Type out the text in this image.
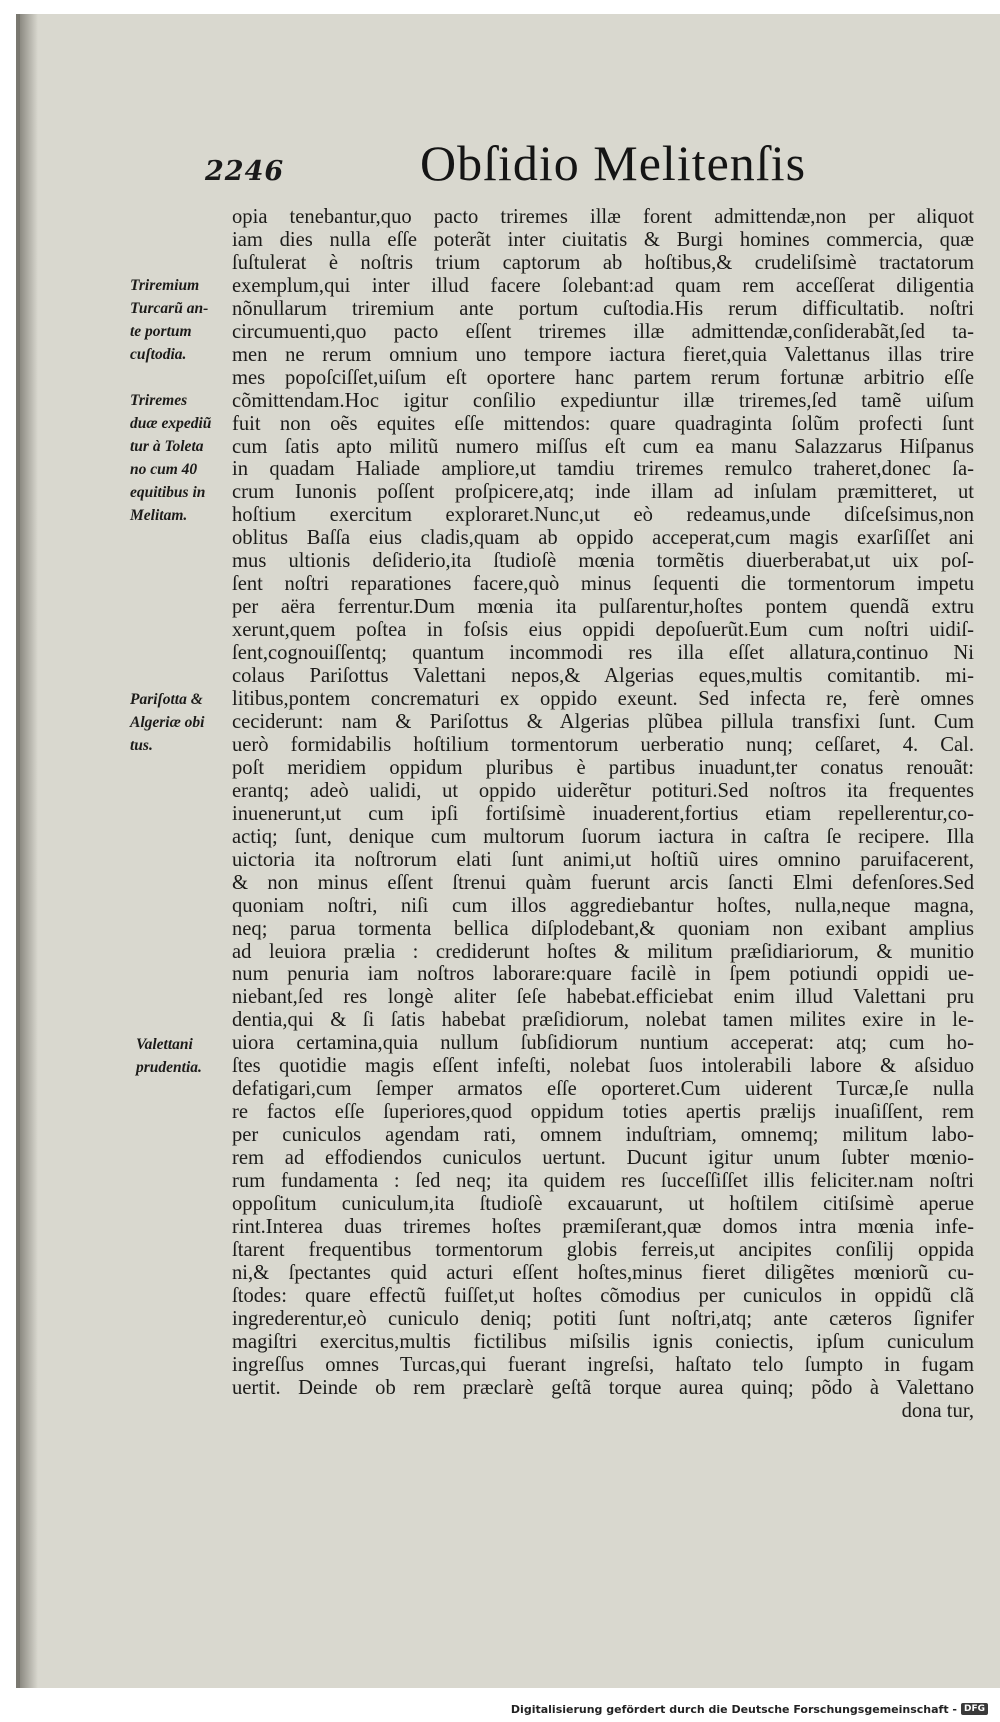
2246	Obſidio Melitenſis
Triremium
Turcarũ an-
te portum
cuſtodia.
Triremes
duæ expediũ
tur à Toleta
no cum 40
equitibus in
Melitam.
Pariſotta &
Algeriæ obi
tus.
Valettani
prudentia.
opia tenebantur,quo pacto triremes illæ forent admittendæ,non per aliquot
iam dies nulla eſſe poterãt inter ciuitatis & Burgi homines commercia, quæ
ſuſtulerat è noſtris trium captorum ab hoſtibus,& crudeliſsimè tractatorum
exemplum,qui inter illud facere ſolebant:ad quam rem acceſſerat diligentia
nõnullarum triremium ante portum cuſtodia.His rerum difficultatib. noſtri
circumuenti,quo pacto eſſent triremes illæ admittendæ,conſiderabãt,ſed ta-
men ne rerum omnium uno tempore iactura fieret,quia Valettanus illas trire
mes popoſciſſet,uiſum eſt oportere hanc partem rerum fortunæ arbitrio eſſe
cõmittendam.Hoc igitur conſilio expediuntur illæ triremes,ſed tamẽ uiſum
fuit non oẽs equites eſſe mittendos: quare quadraginta ſolũm profecti ſunt
cum ſatis apto militũ numero miſſus eſt cum ea manu Salazzarus Hiſpanus
in quadam Haliade ampliore,ut tamdiu triremes remulco traheret,donec ſa-
crum Iunonis poſſent proſpicere,atq; inde illam ad inſulam præmitteret, ut
hoſtium exercitum exploraret.Nunc,ut eò redeamus,unde diſceſsimus,non
oblitus Baſſa eius cladis,quam ab oppido acceperat,cum magis exarſiſſet ani
mus ultionis deſiderio,ita ſtudioſè mœnia tormẽtis diuerberabat,ut uix poſ-
ſent noſtri reparationes facere,quò minus ſequenti die tormentorum impetu
per aëra ferrentur.Dum mœnia ita pulſarentur,hoſtes pontem quendã extru
xerunt,quem poſtea in foſsis eius oppidi depoſuerũt.Eum cum noſtri uidiſ-
ſent,cognouiſſentq; quantum incommodi res illa eſſet allatura,continuo Ni
colaus Pariſottus Valettani nepos,& Algerias eques,multis comitantib. mi-
litibus,pontem concrematuri ex oppido exeunt. Sed infecta re, ferè omnes
ceciderunt: nam & Pariſottus & Algerias plũbea pillula transfixi ſunt. Cum
uerò formidabilis hoſtilium tormentorum uerberatio nunq; ceſſaret, 4. Cal.
poſt meridiem oppidum pluribus è partibus inuadunt,ter conatus renouãt:
erantq; adeò ualidi, ut oppido uiderẽtur potituri.Sed noſtros ita frequentes
inuenerunt,ut cum ipſi fortiſsimè inuaderent,fortius etiam repellerentur,co-
actiq; ſunt, denique cum multorum ſuorum iactura in caſtra ſe recipere. Illa
uictoria ita noſtrorum elati ſunt animi,ut hoſtiũ uires omnino paruifacerent,
& non minus eſſent ſtrenui quàm fuerunt arcis ſancti Elmi defenſores.Sed
quoniam noſtri, niſi cum illos aggrediebantur hoſtes, nulla,neque magna,
neq; parua tormenta bellica diſplodebant,& quoniam non exibant amplius
ad leuiora prælia : crediderunt hoſtes & militum præſidiariorum, & munitio
num penuria iam noſtros laborare:quare facilè in ſpem potiundi oppidi ue-
niebant,ſed res longè aliter ſeſe habebat.efficiebat enim illud Valettani pru
dentia,qui & ſi ſatis habebat præſidiorum, nolebat tamen milites exire in le-
uiora certamina,quia nullum ſubſidiorum nuntium acceperat: atq; cum ho-
ſtes quotidie magis eſſent infeſti, nolebat ſuos intolerabili labore & aſsiduo
defatigari,cum ſemper armatos eſſe oporteret.Cum uiderent Turcæ,ſe nulla
re factos eſſe ſuperiores,quod oppidum toties apertis prælijs inuaſiſſent, rem
per cuniculos agendam rati, omnem induſtriam, omnemq; militum labo-
rem ad effodiendos cuniculos uertunt. Ducunt igitur unum ſubter mœnio-
rum fundamenta : ſed neq; ita quidem res ſucceſſiſſet illis feliciter.nam noſtri
oppoſitum cuniculum,ita ſtudioſè excauarunt, ut hoſtilem citiſsimè aperue
rint.Interea duas triremes hoſtes præmiſerant,quæ domos intra mœnia infe-
ſtarent frequentibus tormentorum globis ferreis,ut ancipites conſilij oppida
ni,& ſpectantes quid acturi eſſent hoſtes,minus fieret diligẽtes mœniorũ cu-
ſtodes: quare effectũ fuiſſet,ut hoſtes cõmodius per cuniculos in oppidũ clã
ingrederentur,eò cuniculo deniq; potiti ſunt noſtri,atq; ante cæteros ſignifer
magiſtri exercitus,multis fictilibus miſsilis ignis coniectis, ipſum cuniculum
ingreſſus omnes Turcas,qui fuerant ingreſsi, haſtato telo ſumpto in fugam
uertit. Deinde ob rem præclarè geſtã torque aurea quinq; põdo à Valettano
dona tur,
Digitalisierung gefördert durch die Deutsche Forschungsgemeinschaft - DFG
